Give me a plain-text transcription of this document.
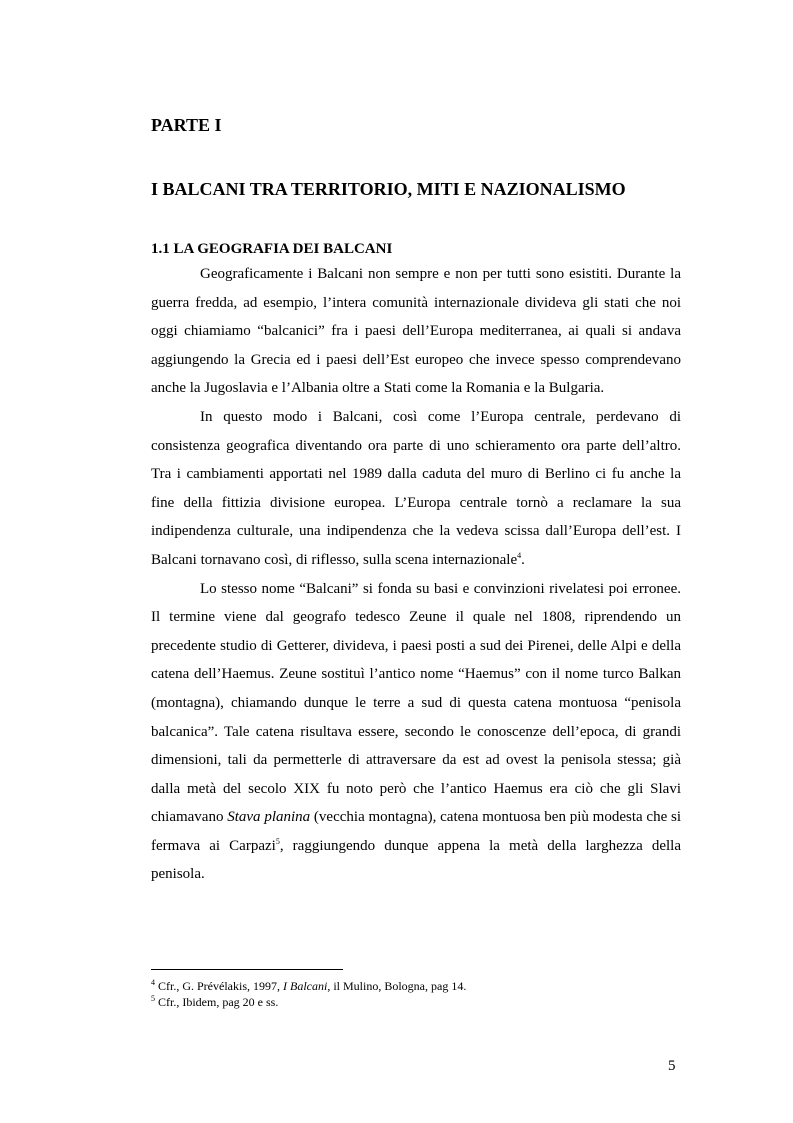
PARTE I
I BALCANI TRA TERRITORIO, MITI E NAZIONALISMO
1.1 LA GEOGRAFIA DEI BALCANI

Geograficamente i Balcani non sempre e non per tutti sono esistiti. Durante la guerra fredda, ad esempio, l’intera comunità internazionale divideva gli stati che noi oggi chiamiamo “balcanici” fra i paesi dell’Europa mediterranea, ai quali si andava aggiungendo la Grecia ed i paesi dell’Est europeo che invece spesso comprendevano anche la Jugoslavia e l’Albania oltre a Stati come la Romania e la Bulgaria.

In questo modo i Balcani, così come l’Europa centrale, perdevano di consistenza geografica diventando ora parte di uno schieramento ora parte dell’altro. Tra i cambiamenti apportati nel 1989 dalla caduta del muro di Berlino ci fu anche la fine della fittizia divisione europea. L’Europa centrale tornò a reclamare la sua indipendenza culturale, una indipendenza che la vedeva scissa dall’Europa dell’est. I Balcani tornavano così, di riflesso, sulla scena internazionale$^4$.

Lo stesso nome “Balcani” si fonda su basi e convinzioni rivelatesi poi erronee. Il termine viene dal geografo tedesco Zeune il quale nel 1808, riprendendo un precedente studio di Getterer, divideva, i paesi posti a sud dei Pirenei, delle Alpi e della catena dell’Haemus. Zeune sostituì l’antico nome “Haemus” con il nome turco Balkan (montagna), chiamando dunque le terre a sud di questa catena montuosa “penisola balcanica”. Tale catena risultava essere, secondo le conoscenze dell’epoca, di grandi dimensioni, tali da permetterle di attraversare da est ad ovest la penisola stessa; già dalla metà del secolo XIX fu noto però che l’antico Haemus era ciò che gli Slavi chiamavano Stava planina (vecchia montagna), catena montuosa ben più modesta che si fermava ai Carpazi$^5$, raggiungendo dunque appena la metà della larghezza della penisola.

$^4$ Cfr., G. Prévélakis, 1997, I Balcani, il Mulino, Bologna, pag 14.
$^5$ Cfr., Ibidem, pag 20 e ss.
5
